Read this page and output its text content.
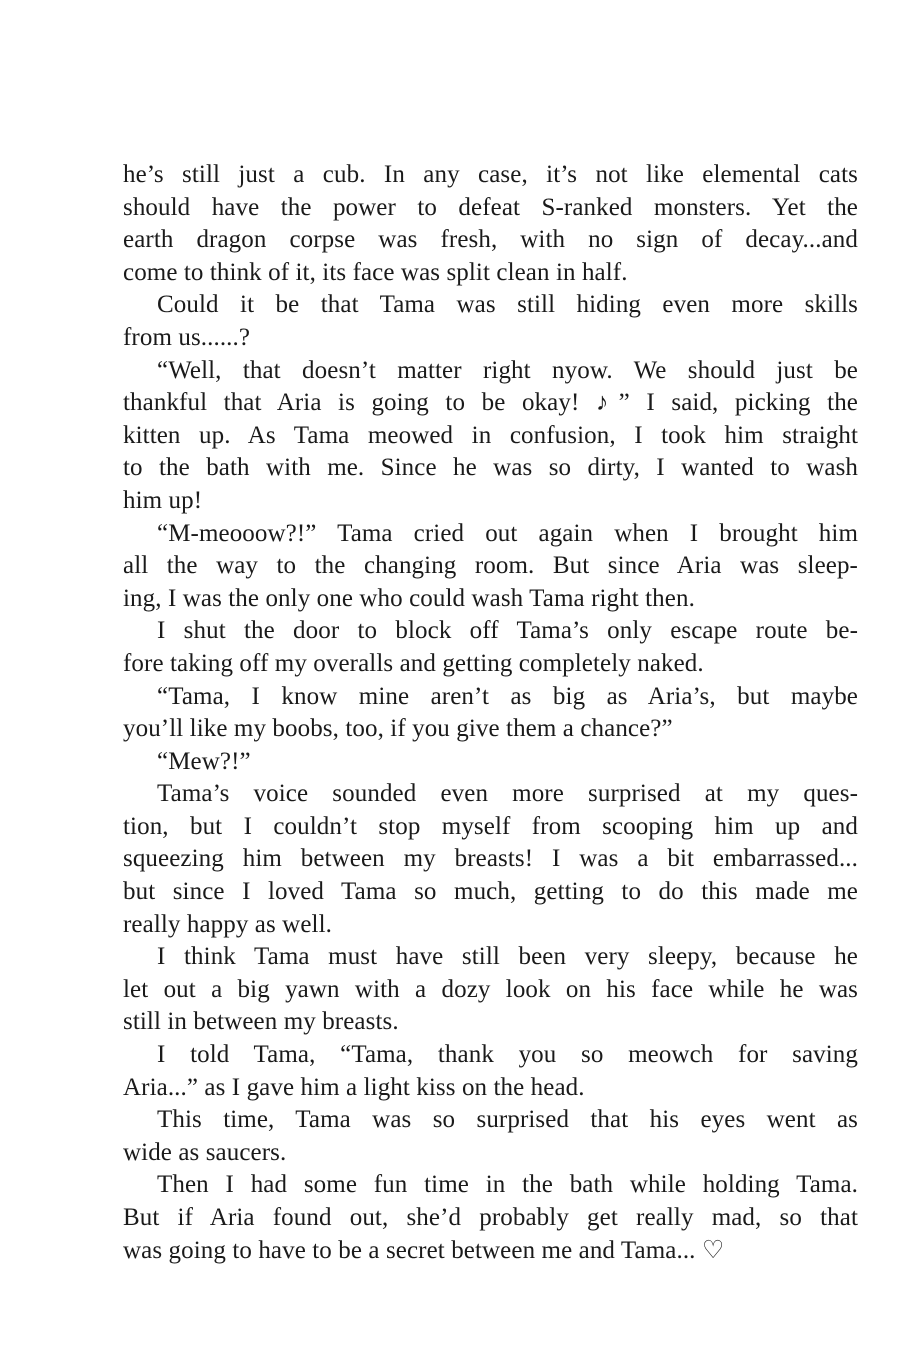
he’s still just a cub. In any case, it’s not like elemental cats
should have the power to defeat S-ranked monsters. Yet the
earth dragon corpse was fresh, with no sign of decay...and
come to think of it, its face was split clean in half.
Could it be that Tama was still hiding even more skills
from us......?
“Well, that doesn’t matter right nyow. We should just be
thankful that Aria is going to be okay! ♪” I said, picking the
kitten up. As Tama meowed in confusion, I took him straight
to the bath with me. Since he was so dirty, I wanted to wash
him up!
“M-meooow?!” Tama cried out again when I brought him
all the way to the changing room. But since Aria was sleep-
ing, I was the only one who could wash Tama right then.
I shut the door to block off Tama’s only escape route be-
fore taking off my overalls and getting completely naked.
“Tama, I know mine aren’t as big as Aria’s, but maybe
you’ll like my boobs, too, if you give them a chance?”
“Mew?!”
Tama’s voice sounded even more surprised at my ques-
tion, but I couldn’t stop myself from scooping him up and
squeezing him between my breasts! I was a bit embarrassed...
but since I loved Tama so much, getting to do this made me
really happy as well.
I think Tama must have still been very sleepy, because he
let out a big yawn with a dozy look on his face while he was
still in between my breasts.
I told Tama, “Tama, thank you so meowch for saving
Aria...” as I gave him a light kiss on the head.
This time, Tama was so surprised that his eyes went as
wide as saucers.
Then I had some fun time in the bath while holding Tama.
But if Aria found out, she’d probably get really mad, so that
was going to have to be a secret between me and Tama... ♡
